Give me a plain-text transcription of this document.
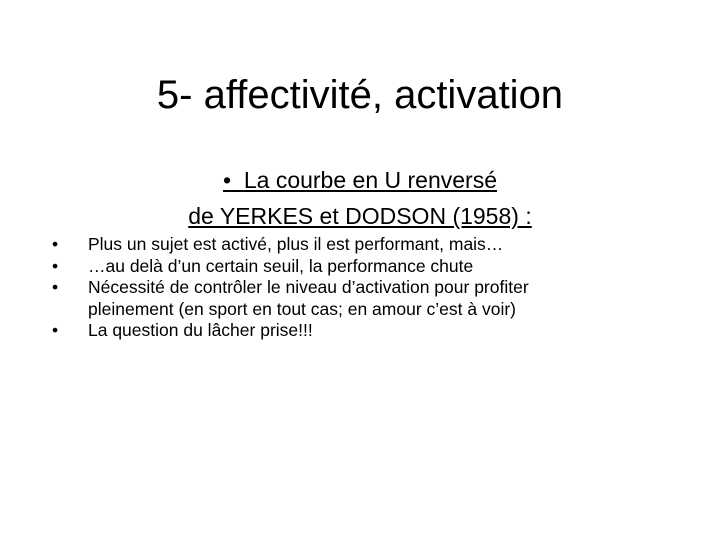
5- affectivité, activation
• La courbe en U renversé
de YERKES et DODSON (1958) :
• Plus un sujet est activé, plus il est performant, mais…
• …au delà d’un certain seuil, la performance chute
• Nécessité de contrôler le niveau d’activation pour profiter pleinement (en sport en tout cas; en amour c’est à voir)
• La question du lâcher prise!!!
